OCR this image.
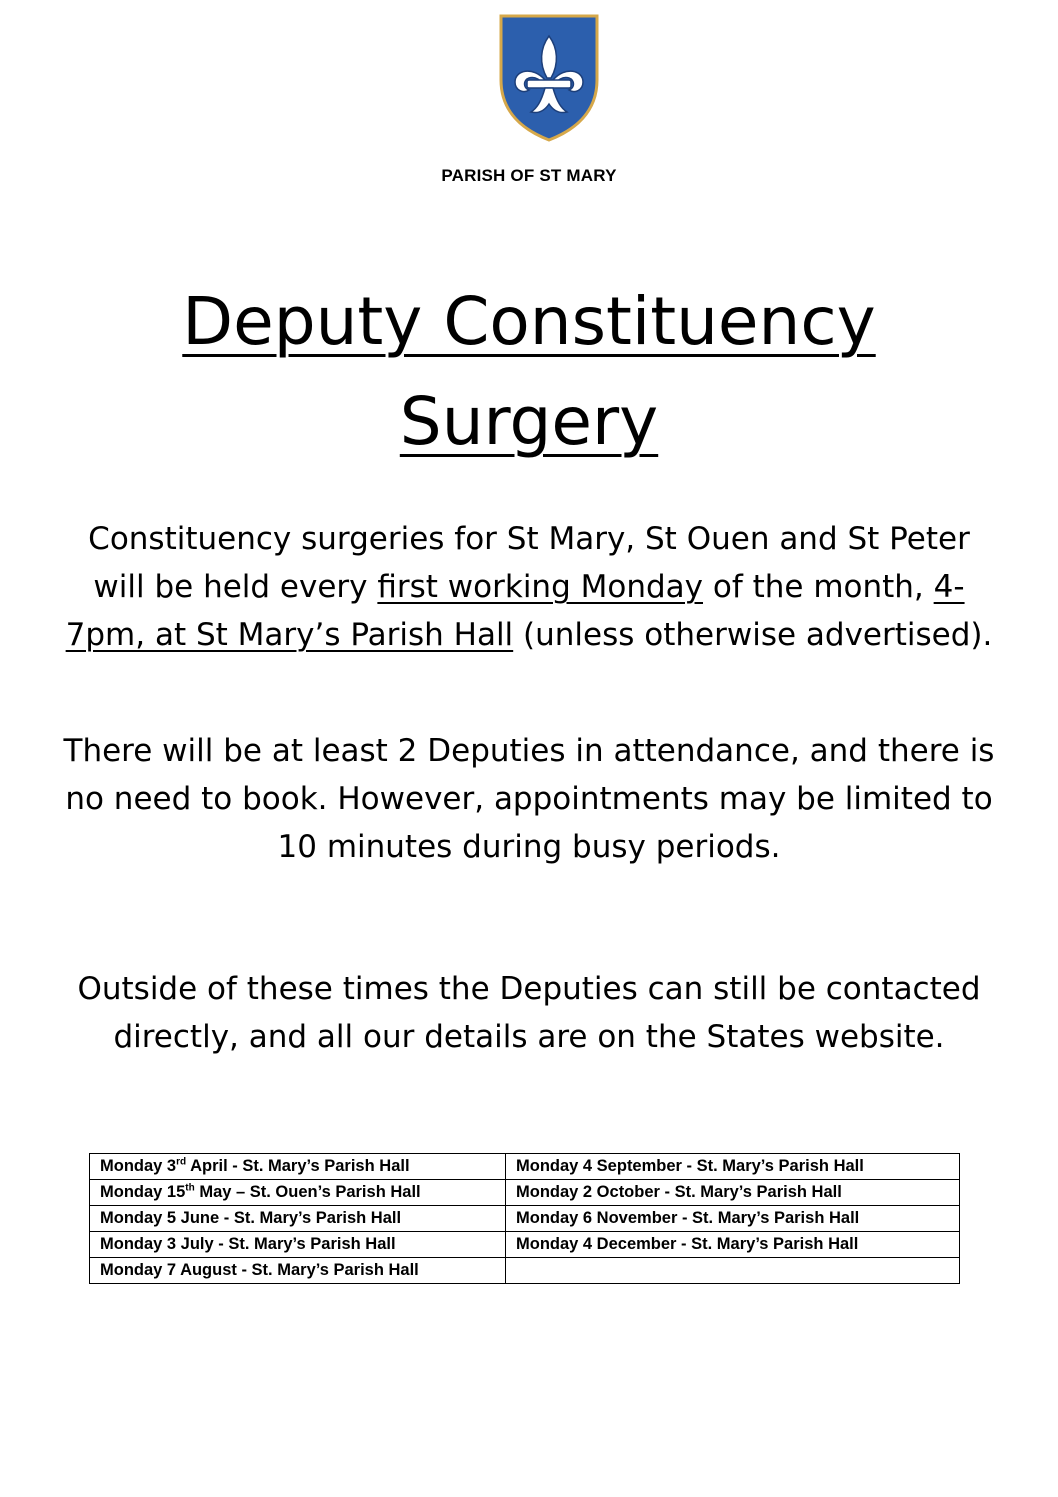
PARISH OF ST MARY
Deputy Constituency
Surgery
Constituency surgeries for St Mary, St Ouen and St Peter will be held every first working Monday of the month, 4-7pm, at St Mary’s Parish Hall (unless otherwise advertised).
There will be at least 2 Deputies in attendance, and there is no need to book. However, appointments may be limited to 10 minutes during busy periods.
Outside of these times the Deputies can still be contacted directly, and all our details are on the States website.
Monday 3rd April - St. Mary’s Parish Hall	Monday 4 September - St. Mary’s Parish Hall
Monday 15th May – St. Ouen’s Parish Hall	Monday 2 October - St. Mary’s Parish Hall
Monday 5 June - St. Mary’s Parish Hall	Monday 6 November - St. Mary’s Parish Hall
Monday 3 July - St. Mary’s Parish Hall	Monday 4 December - St. Mary’s Parish Hall
Monday 7 August - St. Mary’s Parish Hall	
